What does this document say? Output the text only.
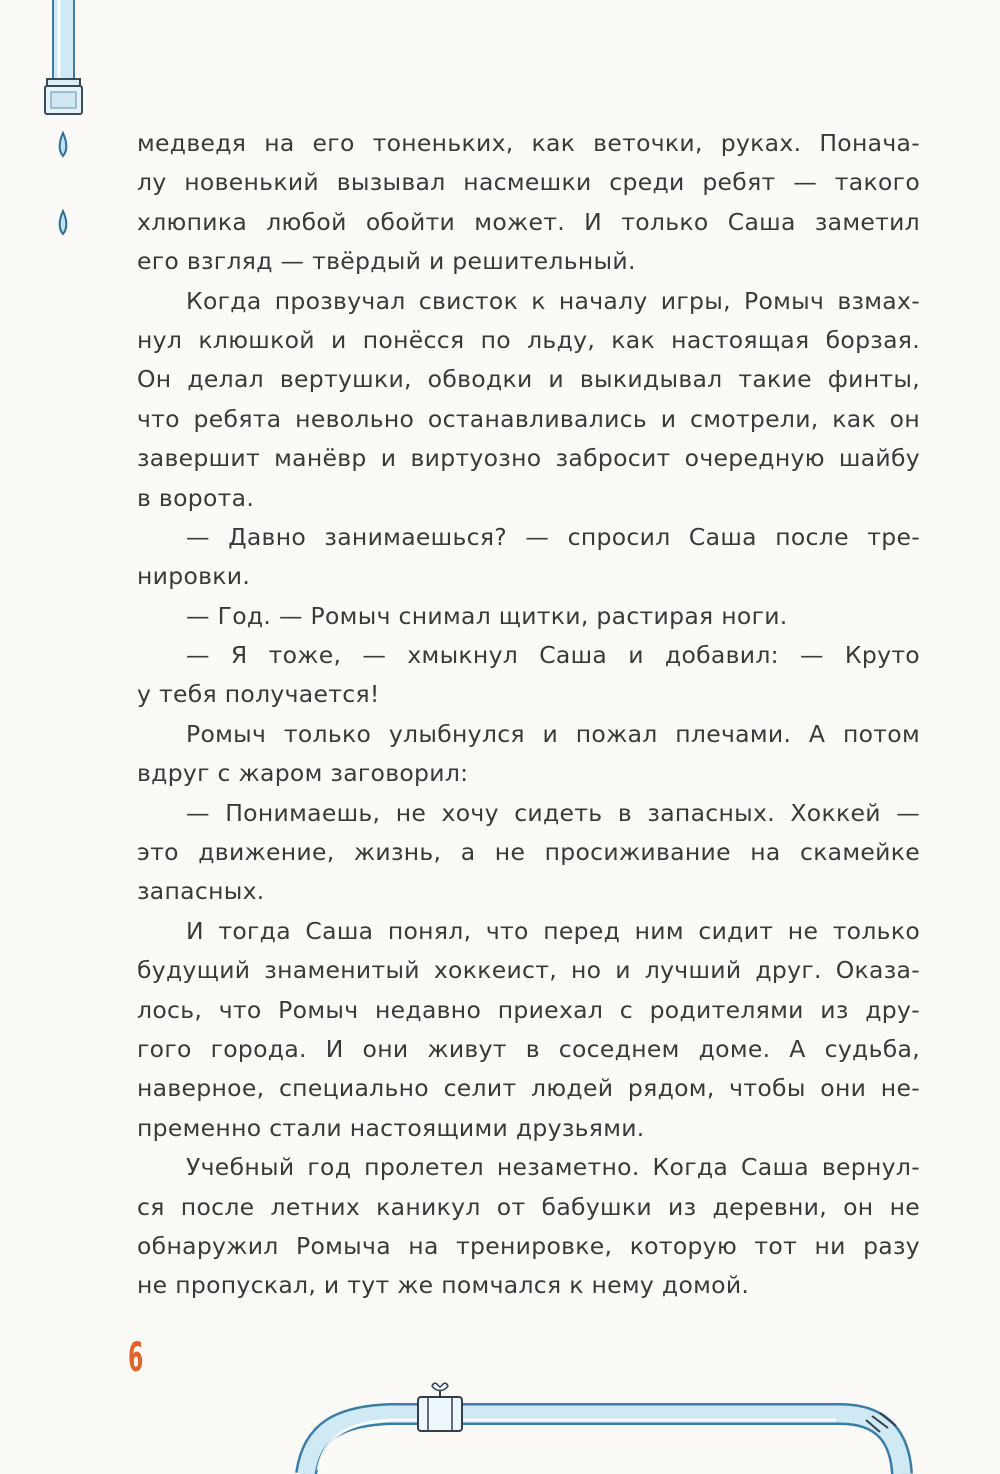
медведя на его тоненьких, как веточки, руках. Поначa-
лу новенький вызывал насмешки среди ребят — такого
хлюпика любой обойти может. И только Саша заметил
его взгляд — твёрдый и решительный.
Когда прозвучал свисток к началу игры, Ромыч взмах-
нул клюшкой и понёсся по льду, как настоящая борзая.
Он делал вертушки, обводки и выкидывал такие финты,
что ребята невольно останавливались и смотрели, как он
завершит манёвр и виртуозно забросит очередную шайбу
в ворота.
— Давно занимаешься? — спросил Саша после тре-
нировки.
— Год. — Ромыч снимал щитки, растирая ноги.
— Я тоже, — хмыкнул Саша и добавил: — Круто
у тебя получается!
Ромыч только улыбнулся и пожал плечами. А потом
вдруг с жаром заговорил:
— Понимаешь, не хочу сидеть в запасных. Хоккей —
это движение, жизнь, а не просиживание на скамейке
запасных.
И тогда Саша понял, что перед ним сидит не только
будущий знаменитый хоккеист, но и лучший друг. Оказа-
лось, что Ромыч недавно приехал с родителями из дру-
гого города. И они живут в соседнем доме. А судьба,
наверное, специально селит людей рядом, чтобы они не-
пременно стали настоящими друзьями.
Учебный год пролетел незаметно. Когда Саша вернул-
ся после летних каникул от бабушки из деревни, он не
обнаружил Ромыча на тренировке, которую тот ни разу
не пропускал, и тут же помчался к нему домой.
6
